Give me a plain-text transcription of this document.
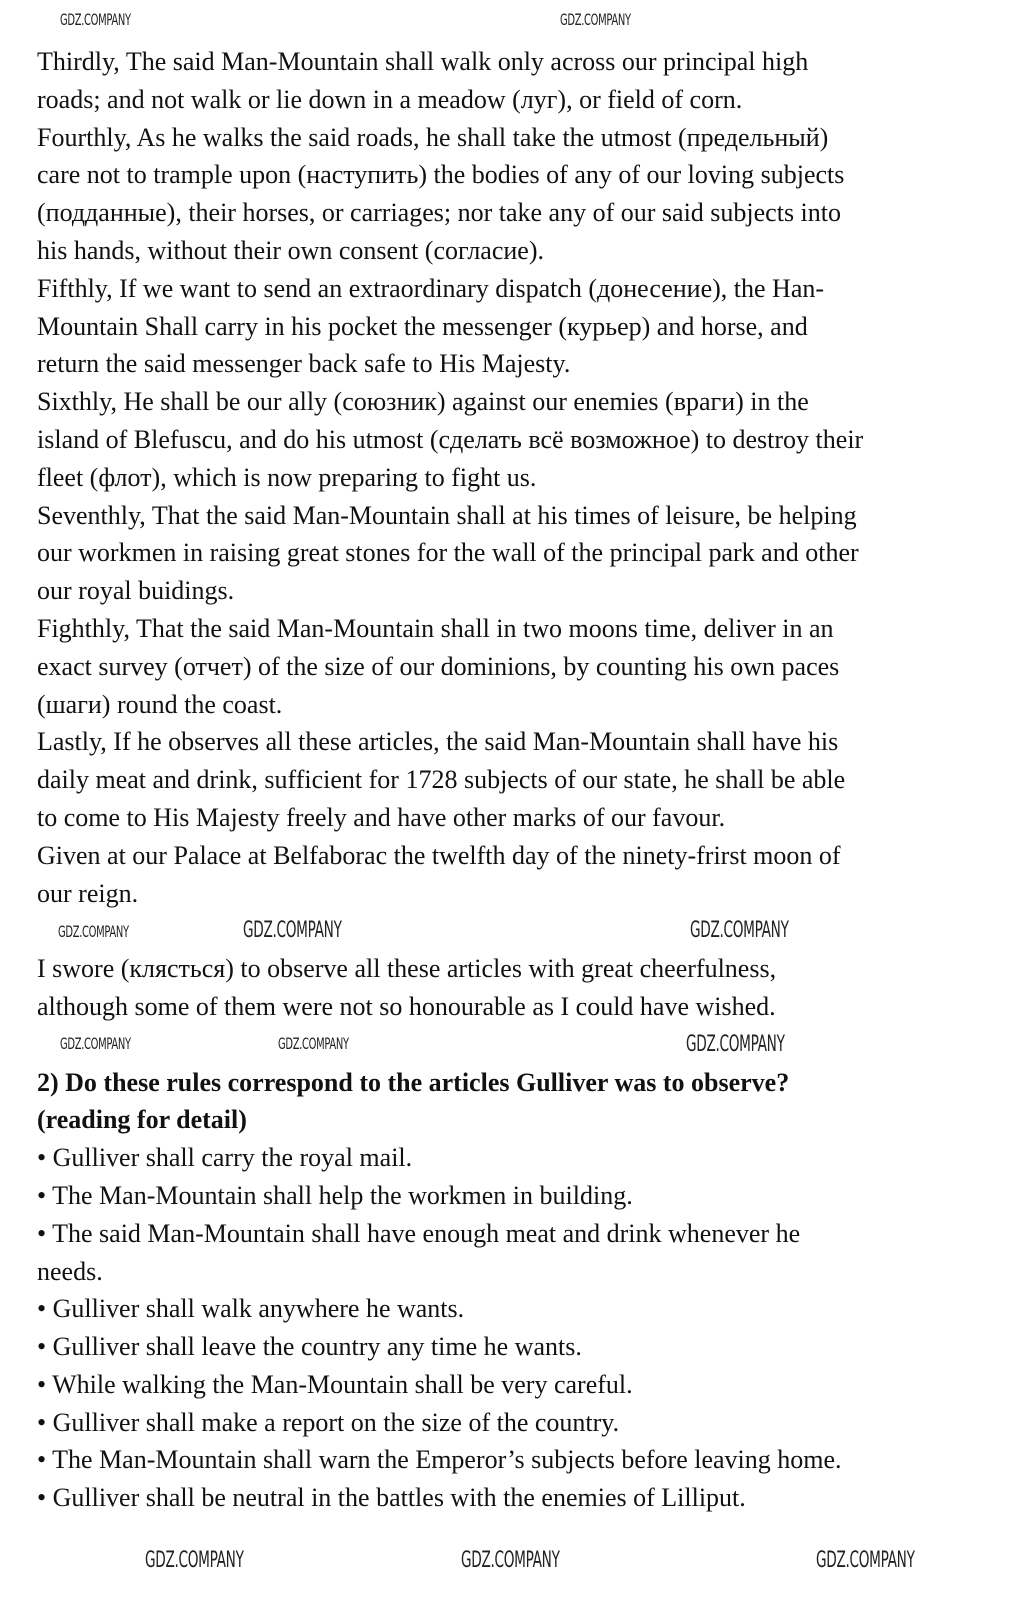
Thirdly, The said Man-Mountain shall walk only across our principal high
roads; and not walk or lie down in a meadow (луг), or field of corn.
Fourthly, As he walks the said roads, he shall take the utmost (предельный)
care not to trample upon (наступить) the bodies of any of our loving subjects
(подданные), their horses, or carriages; nor take any of our said subjects into
his hands, without their own consent (согласие).
Fifthly, If we want to send an extraordinary dispatch (донесение), the Han-
Mountain Shall carry in his pocket the messenger (курьер) and horse, and
return the said messenger back safe to His Majesty.
Sixthly, He shall be our ally (союзник) against our enemies (враги) in the
island of Blefuscu, and do his utmost (сделать всё возможное) to destroy their
fleet (флот), which is now preparing to fight us.
Seventhly, That the said Man-Mountain shall at his times of leisure, be helping
our workmen in raising great stones for the wall of the principal park and other
our royal buidings.
Fighthly, That the said Man-Mountain shall in two moons time, deliver in an
exact survey (отчет) of the size of our dominions, by counting his own paces
(шаги) round the coast.
Lastly, If he observes all these articles, the said Man-Mountain shall have his
daily meat and drink, sufficient for 1728 subjects of our state, he shall be able
to come to His Majesty freely and have other marks of our favour.
Given at our Palace at Belfaborac the twelfth day of the ninety-frirst moon of
our reign.
I swore (клясться) to observe all these articles with great cheerfulness,
although some of them were not so honourable as I could have wished.
2) Do these rules correspond to the articles Gulliver was to observe?
(reading for detail)
• Gulliver shall carry the royal mail.
• The Man-Mountain shall help the workmen in building.
• The said Man-Mountain shall have enough meat and drink whenever he
needs.
• Gulliver shall walk anywhere he wants.
• Gulliver shall leave the country any time he wants.
• While walking the Man-Mountain shall be very careful.
• Gulliver shall make a report on the size of the country.
• The Man-Mountain shall warn the Emperor’s subjects before leaving home.
• Gulliver shall be neutral in the battles with the enemies of Lilliput.
GDZ.COMPANY	GDZ.COMPANY
GDZ.COMPANY	GDZ.COMPANY
GDZ.COMPANY
GDZ.COMPANY
GDZ.COMPANY
GDZ.COMPANY
GDZ.COMPANY	GDZ.COMPANY	GDZ.COMPANY
